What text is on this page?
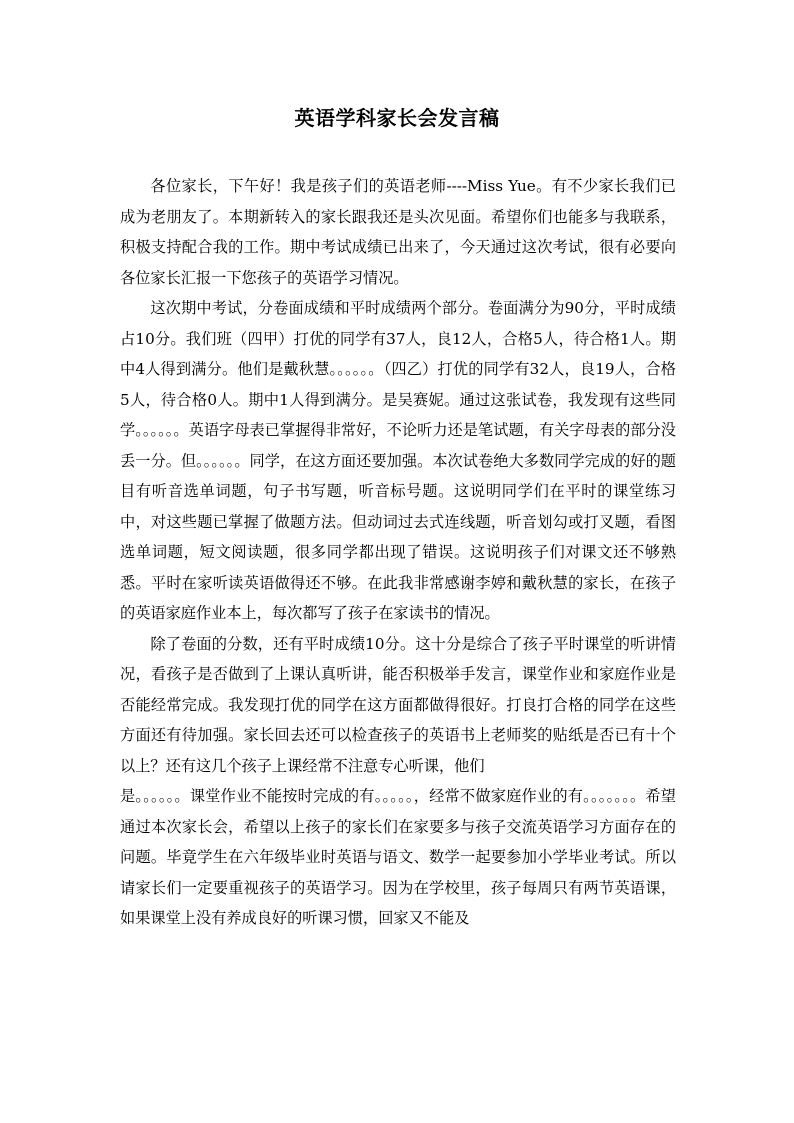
英语学科家长会发言稿

各位家长，下午好！我是孩子们的英语老师----Miss Yue。有不少家长我们已成为老朋友了。本期新转入的家长跟我还是头次见面。希望你们也能多与我联系，积极支持配合我的工作。期中考试成绩已出来了，今天通过这次考试，很有必要向各位家长汇报一下您孩子的英语学习情况。

这次期中考试，分卷面成绩和平时成绩两个部分。卷面满分为90分，平时成绩占10分。我们班（四甲）打优的同学有37人，良12人，合格5人，待合格1人。期中4人得到满分。他们是戴秋慧。。。。。。（四乙）打优的同学有32人，良19人，合格5人，待合格0人。期中1人得到满分。是吴赛妮。通过这张试卷，我发现有这些同学。。。。。。英语字母表已掌握得非常好，不论听力还是笔试题，有关字母表的部分没丢一分。但。。。。。。同学，在这方面还要加强。本次试卷绝大多数同学完成的好的题目有听音选单词题，句子书写题，听音标号题。这说明同学们在平时的课堂练习中，对这些题已掌握了做题方法。但动词过去式连线题，听音划勾或打叉题，看图选单词题，短文阅读题，很多同学都出现了错误。这说明孩子们对课文还不够熟悉。平时在家听读英语做得还不够。在此我非常感谢李婷和戴秋慧的家长，在孩子的英语家庭作业本上，每次都写了孩子在家读书的情况。

除了卷面的分数，还有平时成绩10分。这十分是综合了孩子平时课堂的听讲情况，看孩子是否做到了上课认真听讲，能否积极举手发言，课堂作业和家庭作业是否能经常完成。我发现打优的同学在这方面都做得很好。打良打合格的同学在这些方面还有待加强。家长回去还可以检查孩子的英语书上老师奖的贴纸是否已有十个以上？还有这几个孩子上课经常不注意专心听课，他们

是。。。。。。课堂作业不能按时完成的有。。。。。，经常不做家庭作业的有。。。。。。。希望通过本次家长会，希望以上孩子的家长们在家要多与孩子交流英语学习方面存在的问题。毕竟学生在六年级毕业时英语与语文、数学一起要参加小学毕业考试。所以请家长们一定要重视孩子的英语学习。因为在学校里，孩子每周只有两节英语课，如果课堂上没有养成良好的听课习惯，回家又不能及
